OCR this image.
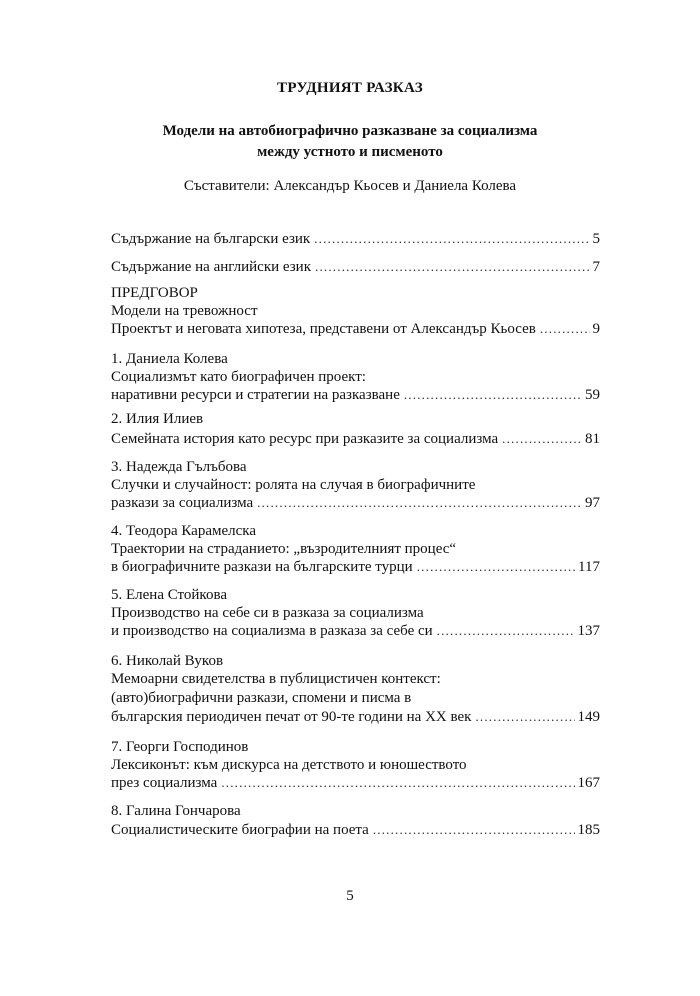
ТРУДНИЯТ РАЗКАЗ
Модели на автобиографично разказване за социализма
между устното и писменото
Съставители: Александър Кьосев и Даниела Колева
Съдържание на български език .....	5
Съдържание на английски език .....	7
ПРЕДГОВОР
Модели на тревожност
Проектът и неговата хипотеза, представени от Александър Кьосев .....	9
1. Даниела Колева
Социализмът като биографичен проект:
наративни ресурси и стратегии на разказване .....	59
2. Илия Илиев
Семейната история като ресурс при разказите за социализма .....	81
3. Надежда Гълъбова
Случки и случайност: ролята на случая в биографичните
разкази за социализма .....	97
4. Теодора Карамелска
Траектории на страданието: „възродителният процес“
в биографичните разкази на българските турци .....	117
5. Елена Стойкова
Производство на себе си в разказа за социализма
и производство на социализма в разказа за себе си .....	137
6. Николай Вуков
Мемоарни свидетелства в публицистичен контекст:
(авто)биографични разкази, спомени и писма в
българския периодичен печат от 90-те години на ХХ век .....	149
7. Георги Господинов
Лексиконът: към дискурса на детството и юношеството
през социализма .....	167
8. Галина Гончарова
Социалистическите биографии на поета .....	185
5
